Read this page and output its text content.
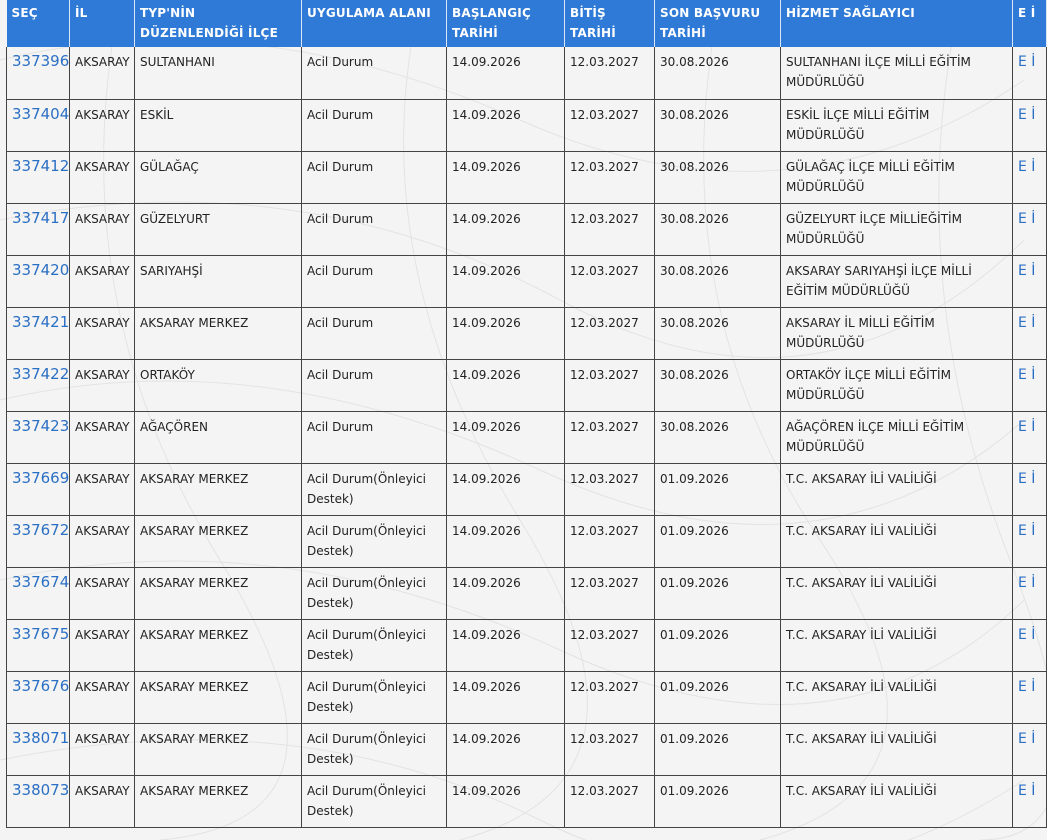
SEÇ	İL	TYP'NİN DÜZENLENDİĞİ İLÇE	UYGULAMA ALANI	BAŞLANGIÇ TARİHİ	BİTİŞ TARİHİ	SON BAŞVURU TARİHİ	HİZMET SAĞLAYICI	E İ
337396	AKSARAY	SULTANHANI	Acil Durum	14.09.2026	12.03.2027	30.08.2026	SULTANHANI İLÇE MİLLİ EĞİTİM MÜDÜRLÜĞÜ	E İ
337404	AKSARAY	ESKİL	Acil Durum	14.09.2026	12.03.2027	30.08.2026	ESKİL İLÇE MİLLİ EĞİTİM MÜDÜRLÜĞÜ	E İ
337412	AKSARAY	GÜLAĞAÇ	Acil Durum	14.09.2026	12.03.2027	30.08.2026	GÜLAĞAÇ İLÇE MİLLİ EĞİTİM MÜDÜRLÜĞÜ	E İ
337417	AKSARAY	GÜZELYURT	Acil Durum	14.09.2026	12.03.2027	30.08.2026	GÜZELYURT İLÇE MİLLİEĞİTİM MÜDÜRLÜĞÜ	E İ
337420	AKSARAY	SARIYAHŞİ	Acil Durum	14.09.2026	12.03.2027	30.08.2026	AKSARAY SARIYAHŞİ İLÇE MİLLİ EĞİTİM MÜDÜRLÜĞÜ	E İ
337421	AKSARAY	AKSARAY MERKEZ	Acil Durum	14.09.2026	12.03.2027	30.08.2026	AKSARAY İL MİLLİ EĞİTİM MÜDÜRLÜĞÜ	E İ
337422	AKSARAY	ORTAKÖY	Acil Durum	14.09.2026	12.03.2027	30.08.2026	ORTAKÖY İLÇE MİLLİ EĞİTİM MÜDÜRLÜĞÜ	E İ
337423	AKSARAY	AĞAÇÖREN	Acil Durum	14.09.2026	12.03.2027	30.08.2026	AĞAÇÖREN İLÇE MİLLİ EĞİTİM MÜDÜRLÜĞÜ	E İ
337669	AKSARAY	AKSARAY MERKEZ	Acil Durum(Önleyici Destek)	14.09.2026	12.03.2027	01.09.2026	T.C. AKSARAY İLİ VALİLİĞİ	E İ
337672	AKSARAY	AKSARAY MERKEZ	Acil Durum(Önleyici Destek)	14.09.2026	12.03.2027	01.09.2026	T.C. AKSARAY İLİ VALİLİĞİ	E İ
337674	AKSARAY	AKSARAY MERKEZ	Acil Durum(Önleyici Destek)	14.09.2026	12.03.2027	01.09.2026	T.C. AKSARAY İLİ VALİLİĞİ	E İ
337675	AKSARAY	AKSARAY MERKEZ	Acil Durum(Önleyici Destek)	14.09.2026	12.03.2027	01.09.2026	T.C. AKSARAY İLİ VALİLİĞİ	E İ
337676	AKSARAY	AKSARAY MERKEZ	Acil Durum(Önleyici Destek)	14.09.2026	12.03.2027	01.09.2026	T.C. AKSARAY İLİ VALİLİĞİ	E İ
338071	AKSARAY	AKSARAY MERKEZ	Acil Durum(Önleyici Destek)	14.09.2026	12.03.2027	01.09.2026	T.C. AKSARAY İLİ VALİLİĞİ	E İ
338073	AKSARAY	AKSARAY MERKEZ	Acil Durum(Önleyici Destek)	14.09.2026	12.03.2027	01.09.2026	T.C. AKSARAY İLİ VALİLİĞİ	E İ
